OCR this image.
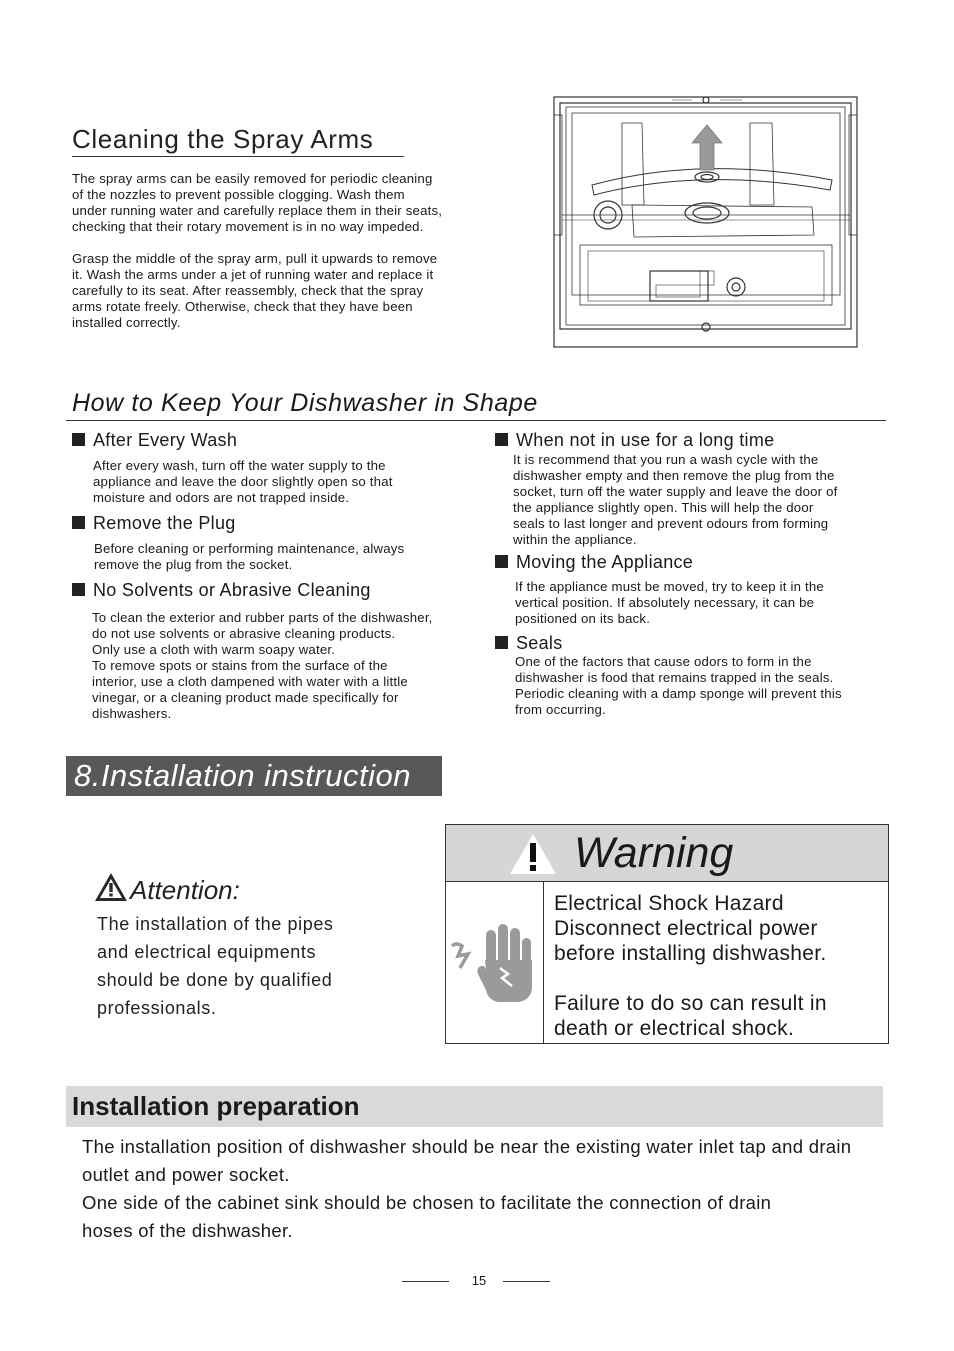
Cleaning the Spray Arms
The spray arms can be easily removed for periodic cleaning
of the nozzles to prevent possible clogging. Wash them
under running water and carefully replace them in their seats,
checking that their rotary movement is in no way impeded.
Grasp the middle of the spray arm, pull it upwards to remove
it. Wash the arms under a jet of running water and replace it
carefully to its seat. After reassembly, check that the spray
arms rotate freely. Otherwise, check that they have been
installed correctly.
How to Keep Your Dishwasher in Shape
After Every Wash
After every wash, turn off the water supply to the
appliance and leave the door slightly open so that
moisture and odors are not trapped inside.
Remove the Plug
Before cleaning or performing maintenance, always
remove the plug from the socket.
No Solvents or Abrasive Cleaning
To clean the exterior and rubber parts of the dishwasher,
do not use solvents or abrasive cleaning products.
Only use a cloth with warm soapy water.
To remove spots or stains from the surface of the
interior, use a cloth dampened with water with a little
vinegar, or a cleaning product made specifically for
dishwashers.
When not in use for a long time
It is recommend that you run a wash cycle with the
dishwasher empty and then remove the plug from the
socket, turn off the water supply and leave the door of
the appliance slightly open. This will help the door
seals to last longer and prevent odours from forming
within the appliance.
Moving the Appliance
If the appliance must be moved, try to keep it in the
vertical position. If absolutely necessary, it can be
positioned on its back.
Seals
One of the factors that cause odors to form in the
dishwasher is food that remains trapped in the seals.
Periodic cleaning with a damp sponge will prevent this
from occurring.
8.Installation instruction
Attention:
The installation of the pipes
and electrical equipments
should be done by qualified
professionals.
Warning
Electrical Shock Hazard
Disconnect electrical power
before installing dishwasher.

Failure to do so can result in
death or electrical shock.
Installation preparation
The installation position of dishwasher should be near the existing water inlet tap and drain
outlet and power socket.
One side of the cabinet sink should be chosen to facilitate the connection of drain
hoses of the dishwasher.
15
